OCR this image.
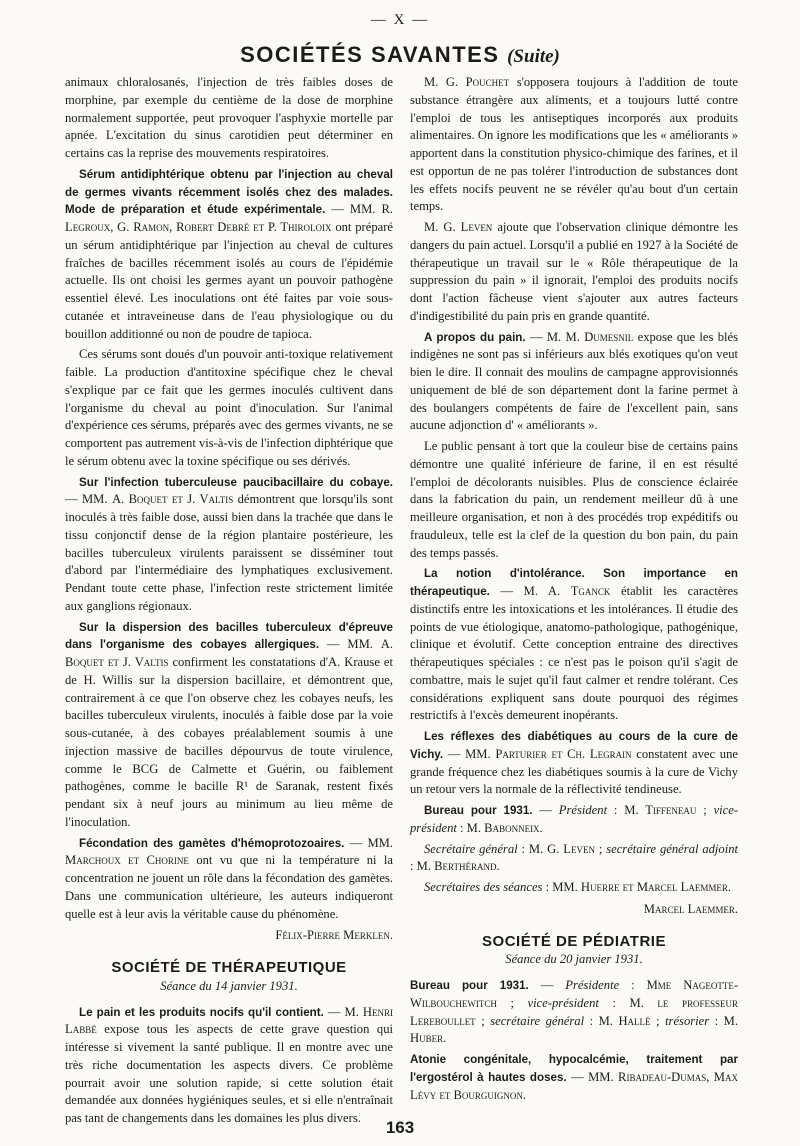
— X —
SOCIÉTÉS SAVANTES (Suite)

animaux chloralosanés, l'injection de très faibles doses de morphine, par exemple du centième de la dose de morphine normalement supportée, peut provoquer l'asphyxie mortelle par apnée. L'excitation du sinus carotidien peut déterminer en certains cas la reprise des mouvements respiratoires.

Sérum antidiphtérique obtenu par l'injection au cheval de germes vivants récemment isolés chez des malades. Mode de préparation et étude expérimentale. — MM. R. Legroux, G. Ramon, Robert Debré et P. Thiroloix ont préparé un sérum antidiphtérique par l'injection au cheval de cultures fraîches de bacilles récemment isolés au cours de l'épidémie actuelle. Ils ont choisi les germes ayant un pouvoir pathogène essentiel élevé. Les inoculations ont été faites par voie sous-cutanée et intraveineuse dans de l'eau physiologique ou du bouillon additionné ou non de poudre de tapioca.

Ces sérums sont doués d'un pouvoir anti-toxique relativement faible. La production d'antitoxine spécifique chez le cheval s'explique par ce fait que les germes inoculés cultivent dans l'organisme du cheval au point d'inoculation. Sur l'animal d'expérience ces sérums, préparés avec des germes vivants, ne se comportent pas autrement vis-à-vis de l'infection diphtérique que le sérum obtenu avec la toxine spécifique ou ses dérivés.

Sur l'infection tuberculeuse paucibacillaire du cobaye. — MM. A. Boquet et J. Valtis démontrent que lorsqu'ils sont inoculés à très faible dose, aussi bien dans la trachée que dans le tissu conjonctif dense de la région plantaire postérieure, les bacilles tuberculeux virulents paraissent se disséminer tout d'abord par l'intermédiaire des lymphatiques exclusivement. Pendant toute cette phase, l'infection reste strictement limitée aux ganglions régionaux.

Sur la dispersion des bacilles tuberculeux d'épreuve dans l'organisme des cobayes allergiques. — MM. A. Boquet et J. Valtis confirment les constatations d'A. Krause et de H. Willis sur la dispersion bacillaire, et démontrent que, contrairement à ce que l'on observe chez les cobayes neufs, les bacilles tuberculeux virulents, inoculés à faible dose par la voie sous-cutanée, à des cobayes préalablement soumis à une injection massive de bacilles dépourvus de toute virulence, comme le BCG de Calmette et Guérin, ou faiblement pathogènes, comme le bacille R¹ de Saranak, restent fixés pendant six à neuf jours au minimum au lieu même de l'inoculation.

Fécondation des gamètes d'hémoprotozoaires. — MM. Marchoux et Chorine ont vu que ni la température ni la concentration ne jouent un rôle dans la fécondation des gamètes. Dans une communication ultérieure, les auteurs indiqueront quelle est à leur avis la véritable cause du phénomène.

Félix-Pierre Merklen.

SOCIÉTÉ DE THÉRAPEUTIQUE

Séance du 14 janvier 1931.

Le pain et les produits nocifs qu'il contient. — M. Henri Labbé expose tous les aspects de cette grave question qui intéresse si vivement la santé publique. Il en montre avec une très riche documentation les aspects divers. Ce problème pourrait avoir une solution rapide, si cette solution était demandée aux données hygiéniques seules, et si elle n'entraînait pas tant de changements dans les domaines les plus divers.

M. G. Pouchet s'opposera toujours à l'addition de toute substance étrangère aux aliments, et a toujours lutté contre l'emploi de tous les antiseptiques incorporés aux produits alimentaires. On ignore les modifications que les « améliorants » apportent dans la constitution physico-chimique des farines, et il est opportun de ne pas tolérer l'introduction de substances dont les effets nocifs peuvent ne se révéler qu'au bout d'un certain temps.

M. G. Leven ajoute que l'observation clinique démontre les dangers du pain actuel. Lorsqu'il a publié en 1927 à la Société de thérapeutique un travail sur le « Rôle thérapeutique de la suppression du pain » il ignorait, l'emploi des produits nocifs dont l'action fâcheuse vient s'ajouter aux autres facteurs d'indigestibilité du pain pris en grande quantité.

A propos du pain. — M. M. Dumesnil expose que les blés indigènes ne sont pas si inférieurs aux blés exotiques qu'on veut bien le dire. Il connait des moulins de campagne approvisionnés uniquement de blé de son département dont la farine permet à des boulangers compétents de faire de l'excellent pain, sans aucune adjonction d' « améliorants ».

Le public pensant à tort que la couleur bise de certains pains démontre une qualité inférieure de farine, il en est résulté l'emploi de décolorants nuisibles. Plus de conscience éclairée dans la fabrication du pain, un rendement meilleur dû à une meilleure organisation, et non à des procédés trop expéditifs ou frauduleux, telle est la clef de la question du bon pain, du pain des temps passés.

La notion d'intolérance. Son importance en thérapeutique. — M. A. Tganck établit les caractères distinctifs entre les intoxications et les intolérances. Il étudie des points de vue étiologique, anatomo-pathologique, pathogénique, clinique et évolutif. Cette conception entraine des directives thérapeutiques spéciales : ce n'est pas le poison qu'il s'agit de combattre, mais le sujet qu'il faut calmer et rendre tolérant. Ces considérations expliquent sans doute pourquoi des régimes restrictifs à l'excès demeurent inopérants.

Les réflexes des diabétiques au cours de la cure de Vichy. — MM. Parturier et Ch. Legrain constatent avec une grande fréquence chez les diabétiques soumis à la cure de Vichy un retour vers la normale de la réflectivité tendineuse.

Bureau pour 1931. — Président : M. Tiffeneau ; vice-président : M. Babonneix.

Secrétaire général : M. G. Leven ; secrétaire général adjoint : M. Berthérand.

Secrétaires des séances : MM. Huerre et Marcel Laemmer.

Marcel Laemmer.

SOCIÉTÉ DE PÉDIATRIE

Séance du 20 janvier 1931.

Bureau pour 1931. — Présidente : Mme Nageotte-Wilbouchewitch ; vice-président : M. le professeur Lereboullet ; secrétaire général : M. Hallé ; trésorier : M. Huber.

Atonie congénitale, hypocalcémie, traitement par l'ergostérol à hautes doses. — MM. Ribadeau-Dumas, Max Lévy et Bourguignon.

163
